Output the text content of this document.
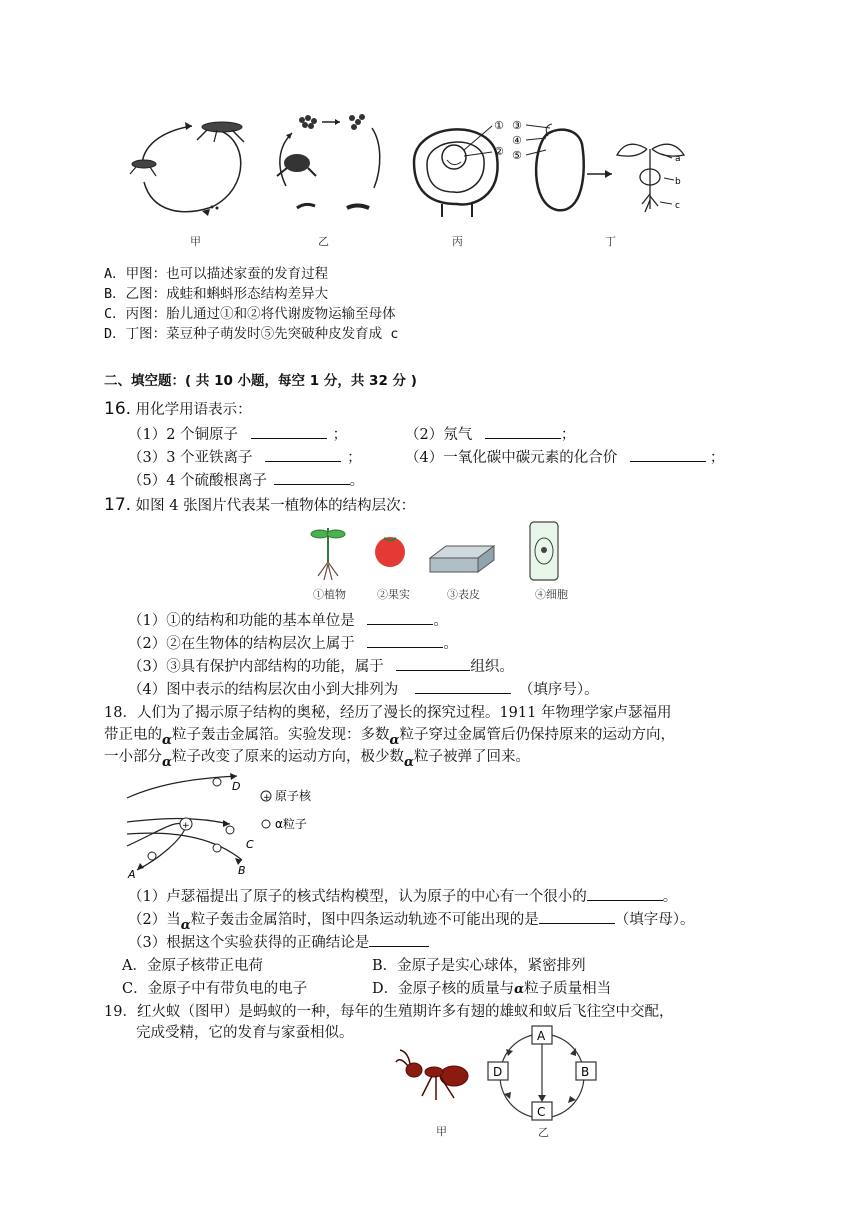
①
②
③
④
⑤	a
b
c
甲	乙	丙	丁
A．甲图：也可以描述家蚕的发育过程
B．乙图：成蛙和蝌蚪形态结构差异大
C．丙图：胎儿通过①和②将代谢废物运输至母体
D．丁图：菜豆种子萌发时⑤先突破种皮发育成 c
二、填空题：( 共 10 小题，每空 1 分，共 32 分 )
16. 用化学用语表示：
（1）2 个铜原子	；	（2）氖气	；
（3）3 个亚铁离子	；	（4）一氧化碳中碳元素的化合价	；
（5）4 个硫酸根离子	。
17. 如图 4 张图片代表某一植物体的结构层次：
①植物	②果实	③表皮	④细胞
（1）①的结构和功能的基本单位是	。
（2）②在生物体的结构层次上属于	。
（3）③具有保护内部结构的功能，属于	组织。
（4）图中表示的结构层次由小到大排列为	（填序号）。
18．人们为了揭示原子结构的奥秘，经历了漫长的探究过程。1911 年物理学家卢瑟福用
带正电的α粒子轰击金属箔。实验发现：多数α粒子穿过金属管后仍保持原来的运动方向，
一小部分α粒子改变了原来的运动方向，极少数α粒子被弹了回来。
+
D
C
B
A
+ 原子核
α粒子
（1）卢瑟福提出了原子的核式结构模型，认为原子的中心有一个很小的	。
（2）当α粒子轰击金属箔时，图中四条运动轨迹不可能出现的是	（填字母）。
（3）根据这个实验获得的正确结论是
A．金原子核带正电荷	B．金原子是实心球体，紧密排列
C．金原子中有带负电的电子	D．金原子核的质量与α粒子质量相当
19．红火蚁（图甲）是蚂蚁的一种，每年的生殖期许多有翅的雄蚁和蚁后飞往空中交配，
完成受精，它的发育与家蚕相似。
甲
A
B
C
D
乙
